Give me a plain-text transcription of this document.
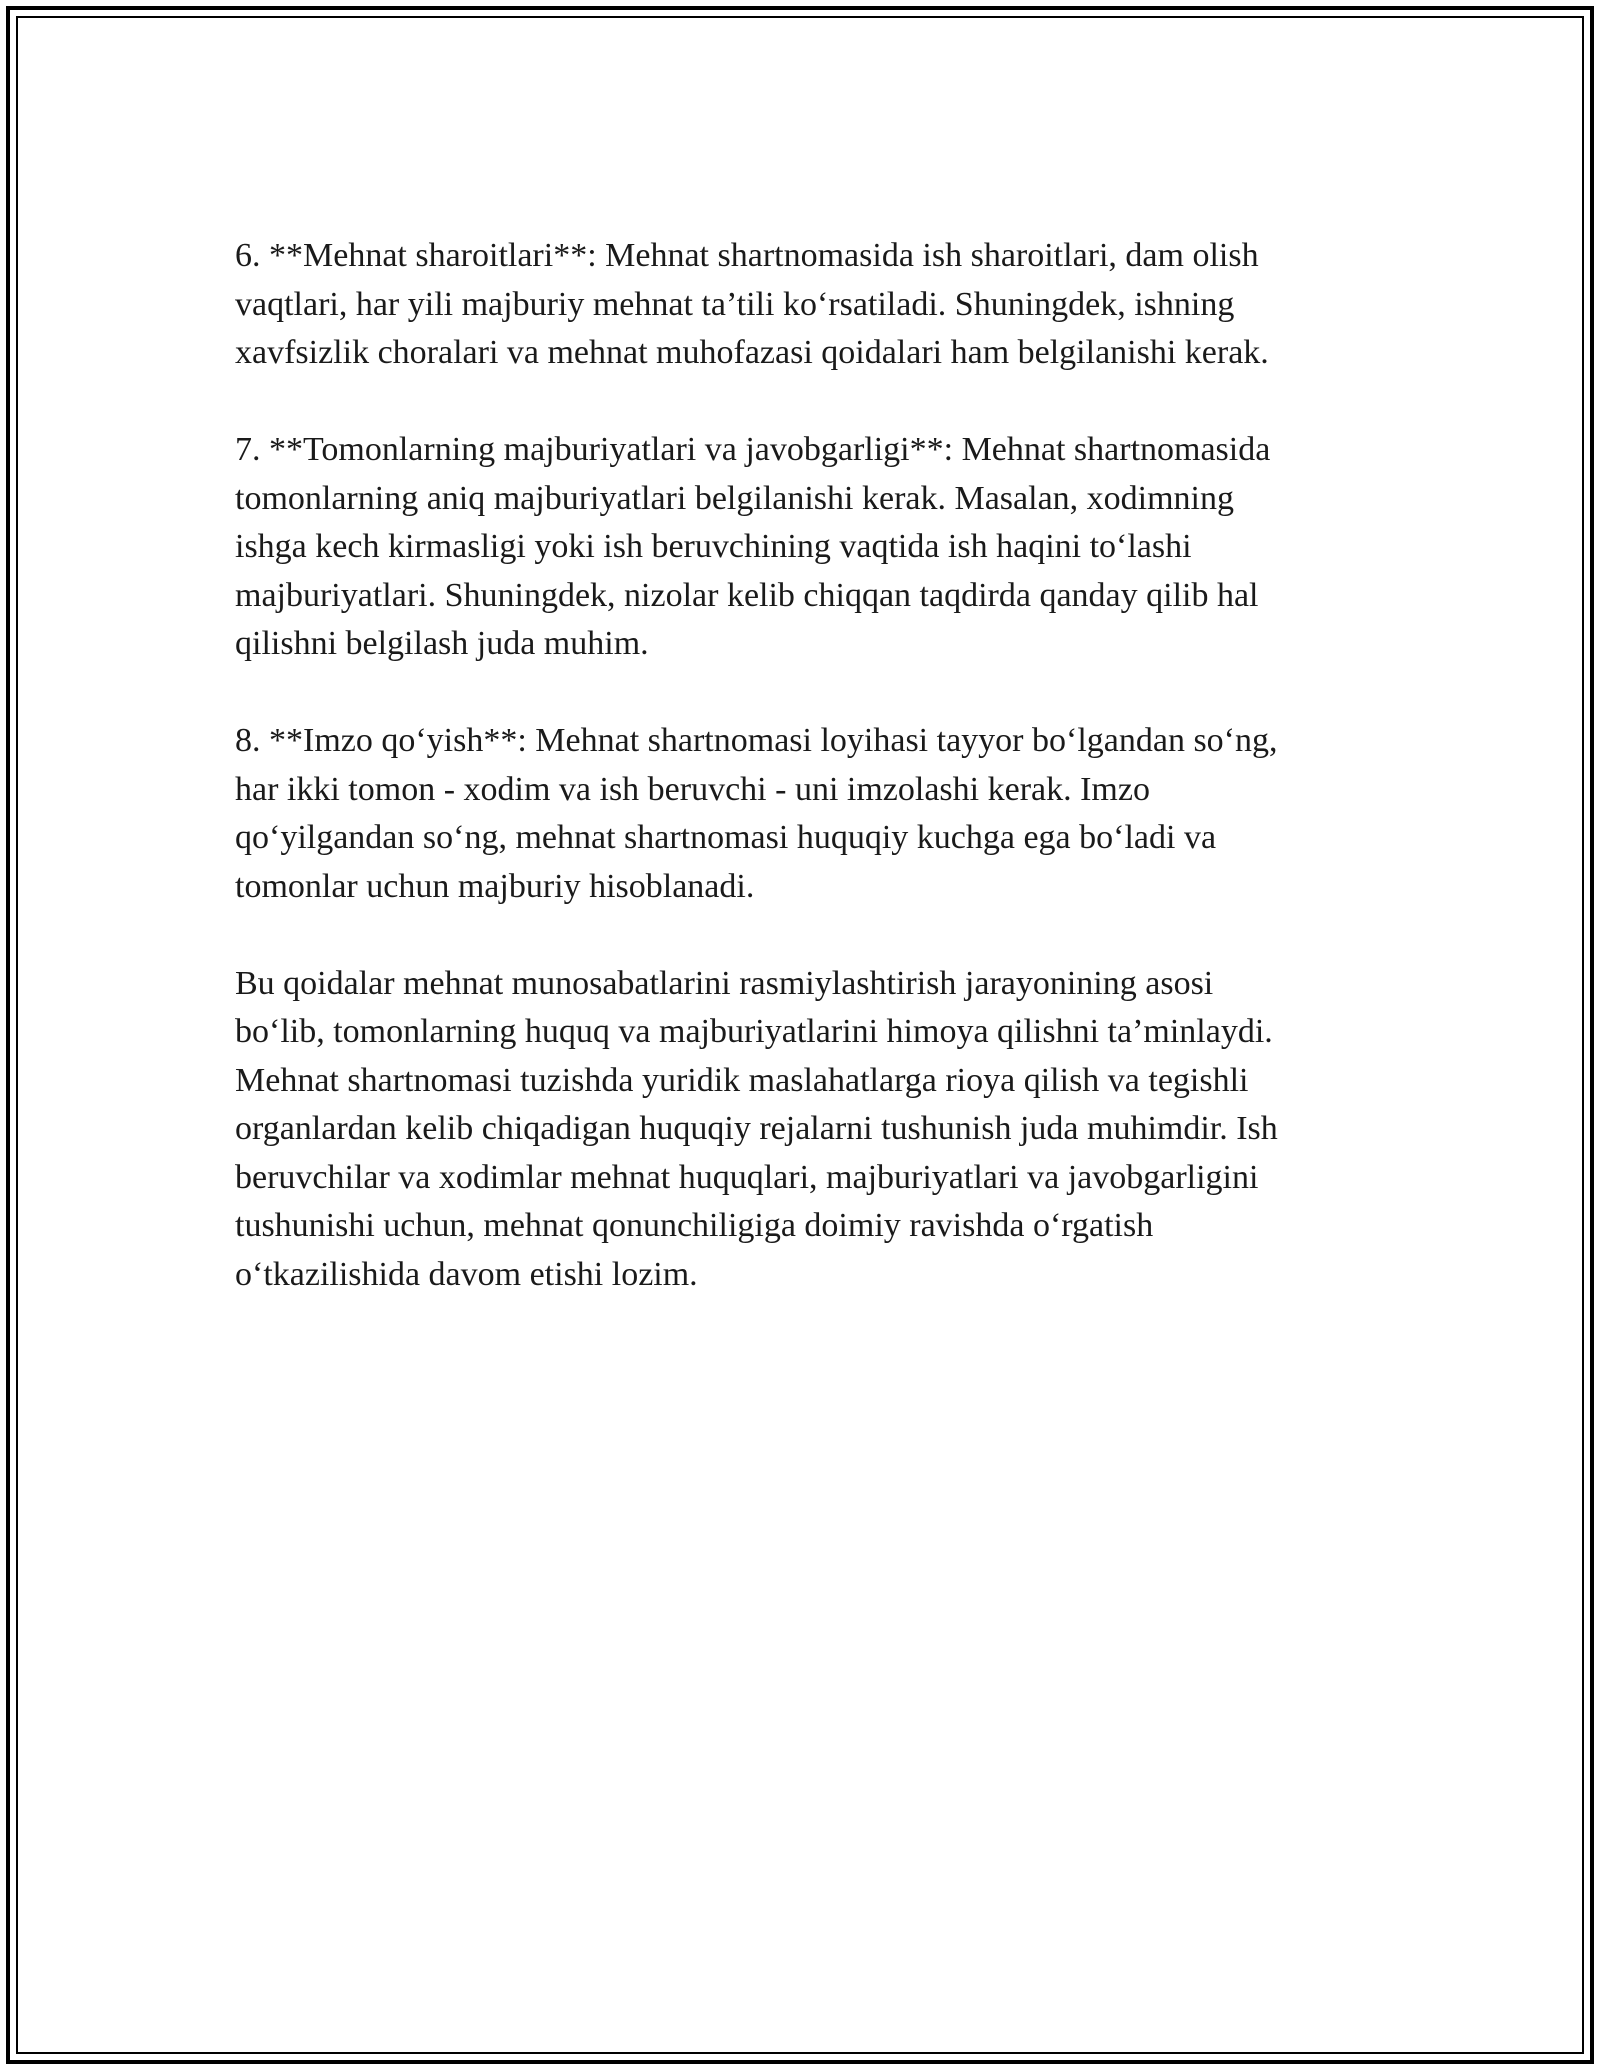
6. **Mehnat sharoitlari**: Mehnat shartnomasida ish sharoitlari, dam olish
vaqtlari, har yili majburiy mehnat ta’tili ko‘rsatiladi. Shuningdek, ishning
xavfsizlik choralari va mehnat muhofazasi qoidalari ham belgilanishi kerak.

7. **Tomonlarning majburiyatlari va javobgarligi**: Mehnat shartnomasida
tomonlarning aniq majburiyatlari belgilanishi kerak. Masalan, xodimning
ishga kech kirmasligi yoki ish beruvchining vaqtida ish haqini to‘lashi
majburiyatlari. Shuningdek, nizolar kelib chiqqan taqdirda qanday qilib hal
qilishni belgilash juda muhim.

8. **Imzo qo‘yish**: Mehnat shartnomasi loyihasi tayyor bo‘lgandan so‘ng,
har ikki tomon - xodim va ish beruvchi - uni imzolashi kerak. Imzo
qo‘yilgandan so‘ng, mehnat shartnomasi huquqiy kuchga ega bo‘ladi va
tomonlar uchun majburiy hisoblanadi.

Bu qoidalar mehnat munosabatlarini rasmiylashtirish jarayonining asosi
bo‘lib, tomonlarning huquq va majburiyatlarini himoya qilishni ta’minlaydi.
Mehnat shartnomasi tuzishda yuridik maslahatlarga rioya qilish va tegishli
organlardan kelib chiqadigan huquqiy rejalarni tushunish juda muhimdir. Ish
beruvchilar va xodimlar mehnat huquqlari, majburiyatlari va javobgarligini
tushunishi uchun, mehnat qonunchiligiga doimiy ravishda o‘rgatish
o‘tkazilishida davom etishi lozim.
